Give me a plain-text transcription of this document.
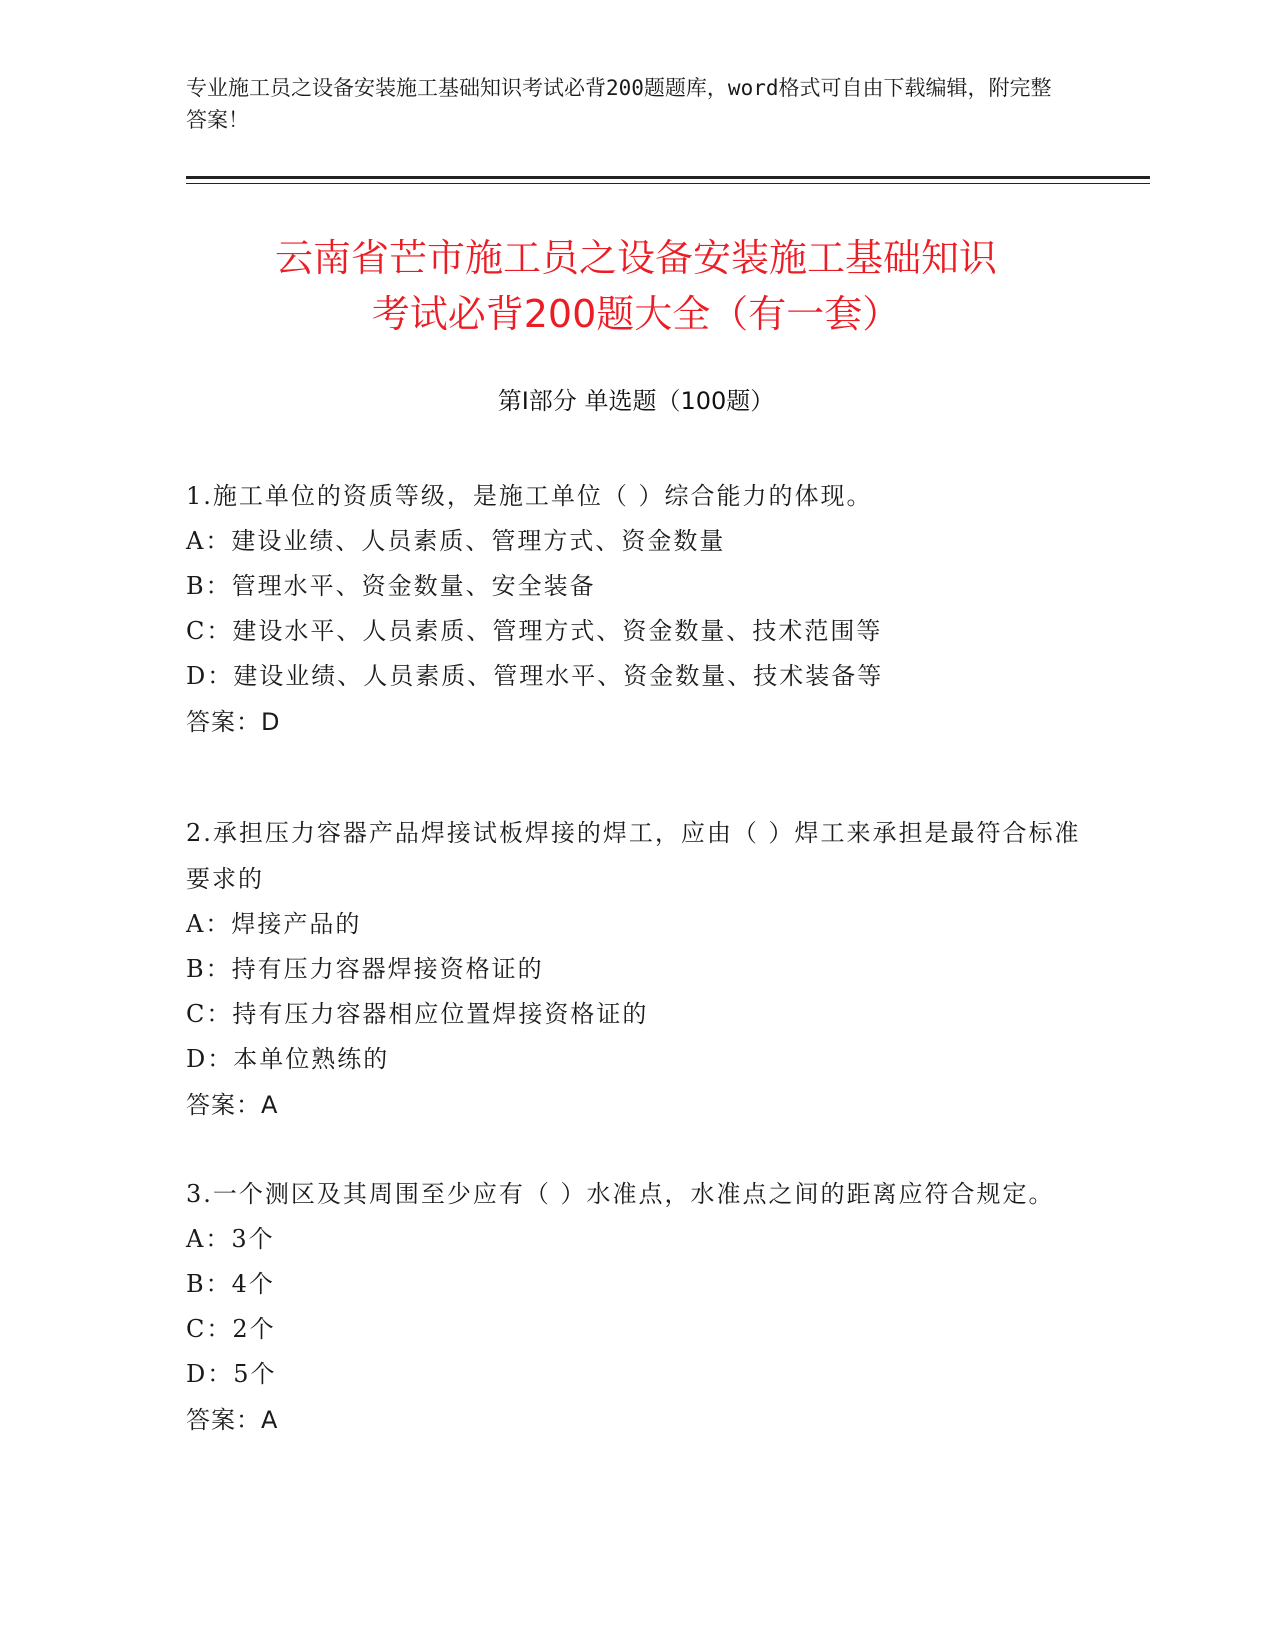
专业施工员之设备安装施工基础知识考试必背200题题库，word格式可自由下载编辑，附完整答案！
云南省芒市施工员之设备安装施工基础知识
考试必背200题大全（有一套）
第I部分 单选题（100题）
1.施工单位的资质等级，是施工单位（ ）综合能力的体现。
A：建设业绩、人员素质、管理方式、资金数量
B：管理水平、资金数量、安全装备
C：建设水平、人员素质、管理方式、资金数量、技术范围等
D：建设业绩、人员素质、管理水平、资金数量、技术装备等
答案：D
2.承担压力容器产品焊接试板焊接的焊工，应由（ ）焊工来承担是最符合标准要求的
A：焊接产品的
B：持有压力容器焊接资格证的
C：持有压力容器相应位置焊接资格证的
D：本单位熟练的
答案：A
3.一个测区及其周围至少应有（ ）水准点，水准点之间的距离应符合规定。
A：3个
B：4个
C：2个
D：5个
答案：A
